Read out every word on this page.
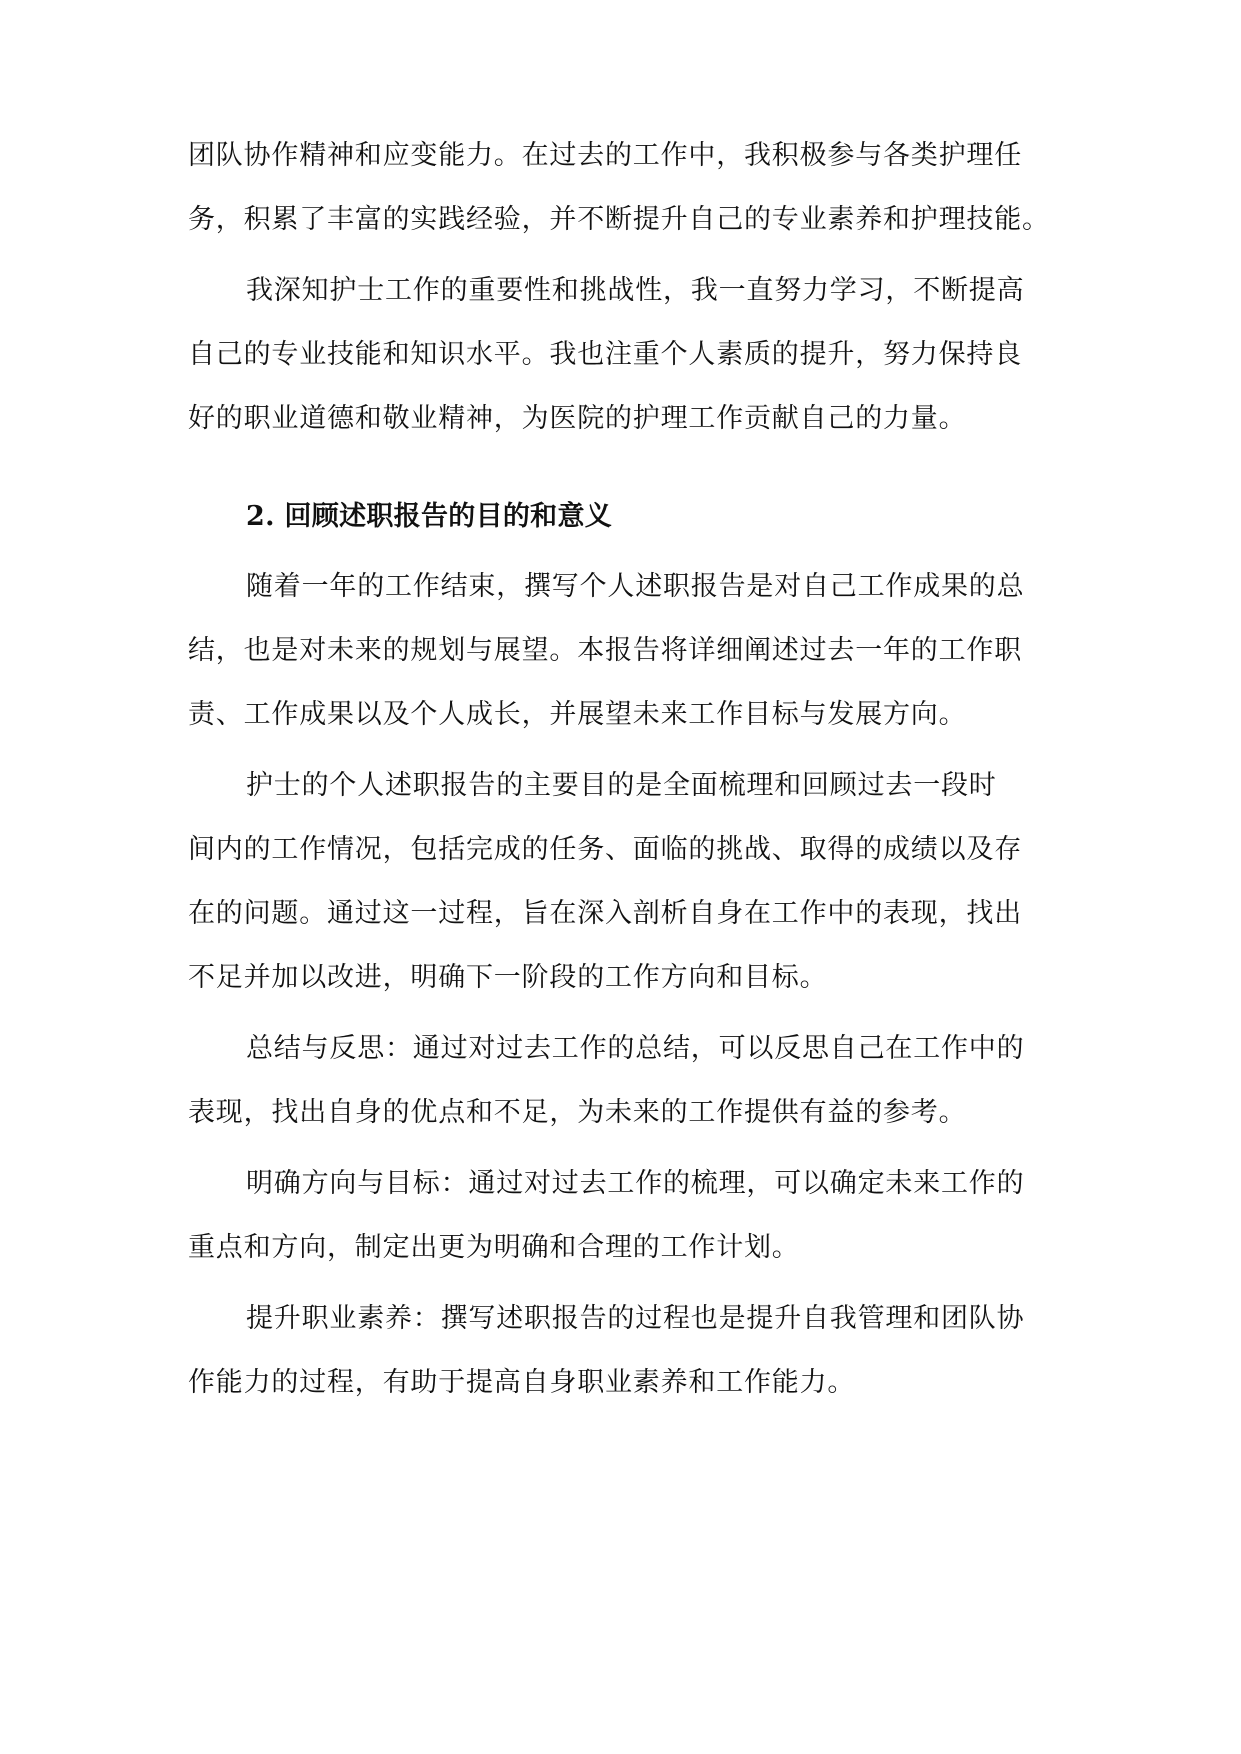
团队协作精神和应变能力。在过去的工作中，我积极参与各类护理任
务，积累了丰富的实践经验，并不断提升自己的专业素养和护理技能。
我深知护士工作的重要性和挑战性，我一直努力学习，不断提高
自己的专业技能和知识水平。我也注重个人素质的提升，努力保持良
好的职业道德和敬业精神，为医院的护理工作贡献自己的力量。
2. 回顾述职报告的目的和意义
随着一年的工作结束，撰写个人述职报告是对自己工作成果的总
结，也是对未来的规划与展望。本报告将详细阐述过去一年的工作职
责、工作成果以及个人成长，并展望未来工作目标与发展方向。
护士的个人述职报告的主要目的是全面梳理和回顾过去一段时
间内的工作情况，包括完成的任务、面临的挑战、取得的成绩以及存
在的问题。通过这一过程，旨在深入剖析自身在工作中的表现，找出
不足并加以改进，明确下一阶段的工作方向和目标。
总结与反思：通过对过去工作的总结，可以反思自己在工作中的
表现，找出自身的优点和不足，为未来的工作提供有益的参考。
明确方向与目标：通过对过去工作的梳理，可以确定未来工作的
重点和方向，制定出更为明确和合理的工作计划。
提升职业素养：撰写述职报告的过程也是提升自我管理和团队协
作能力的过程，有助于提高自身职业素养和工作能力。
